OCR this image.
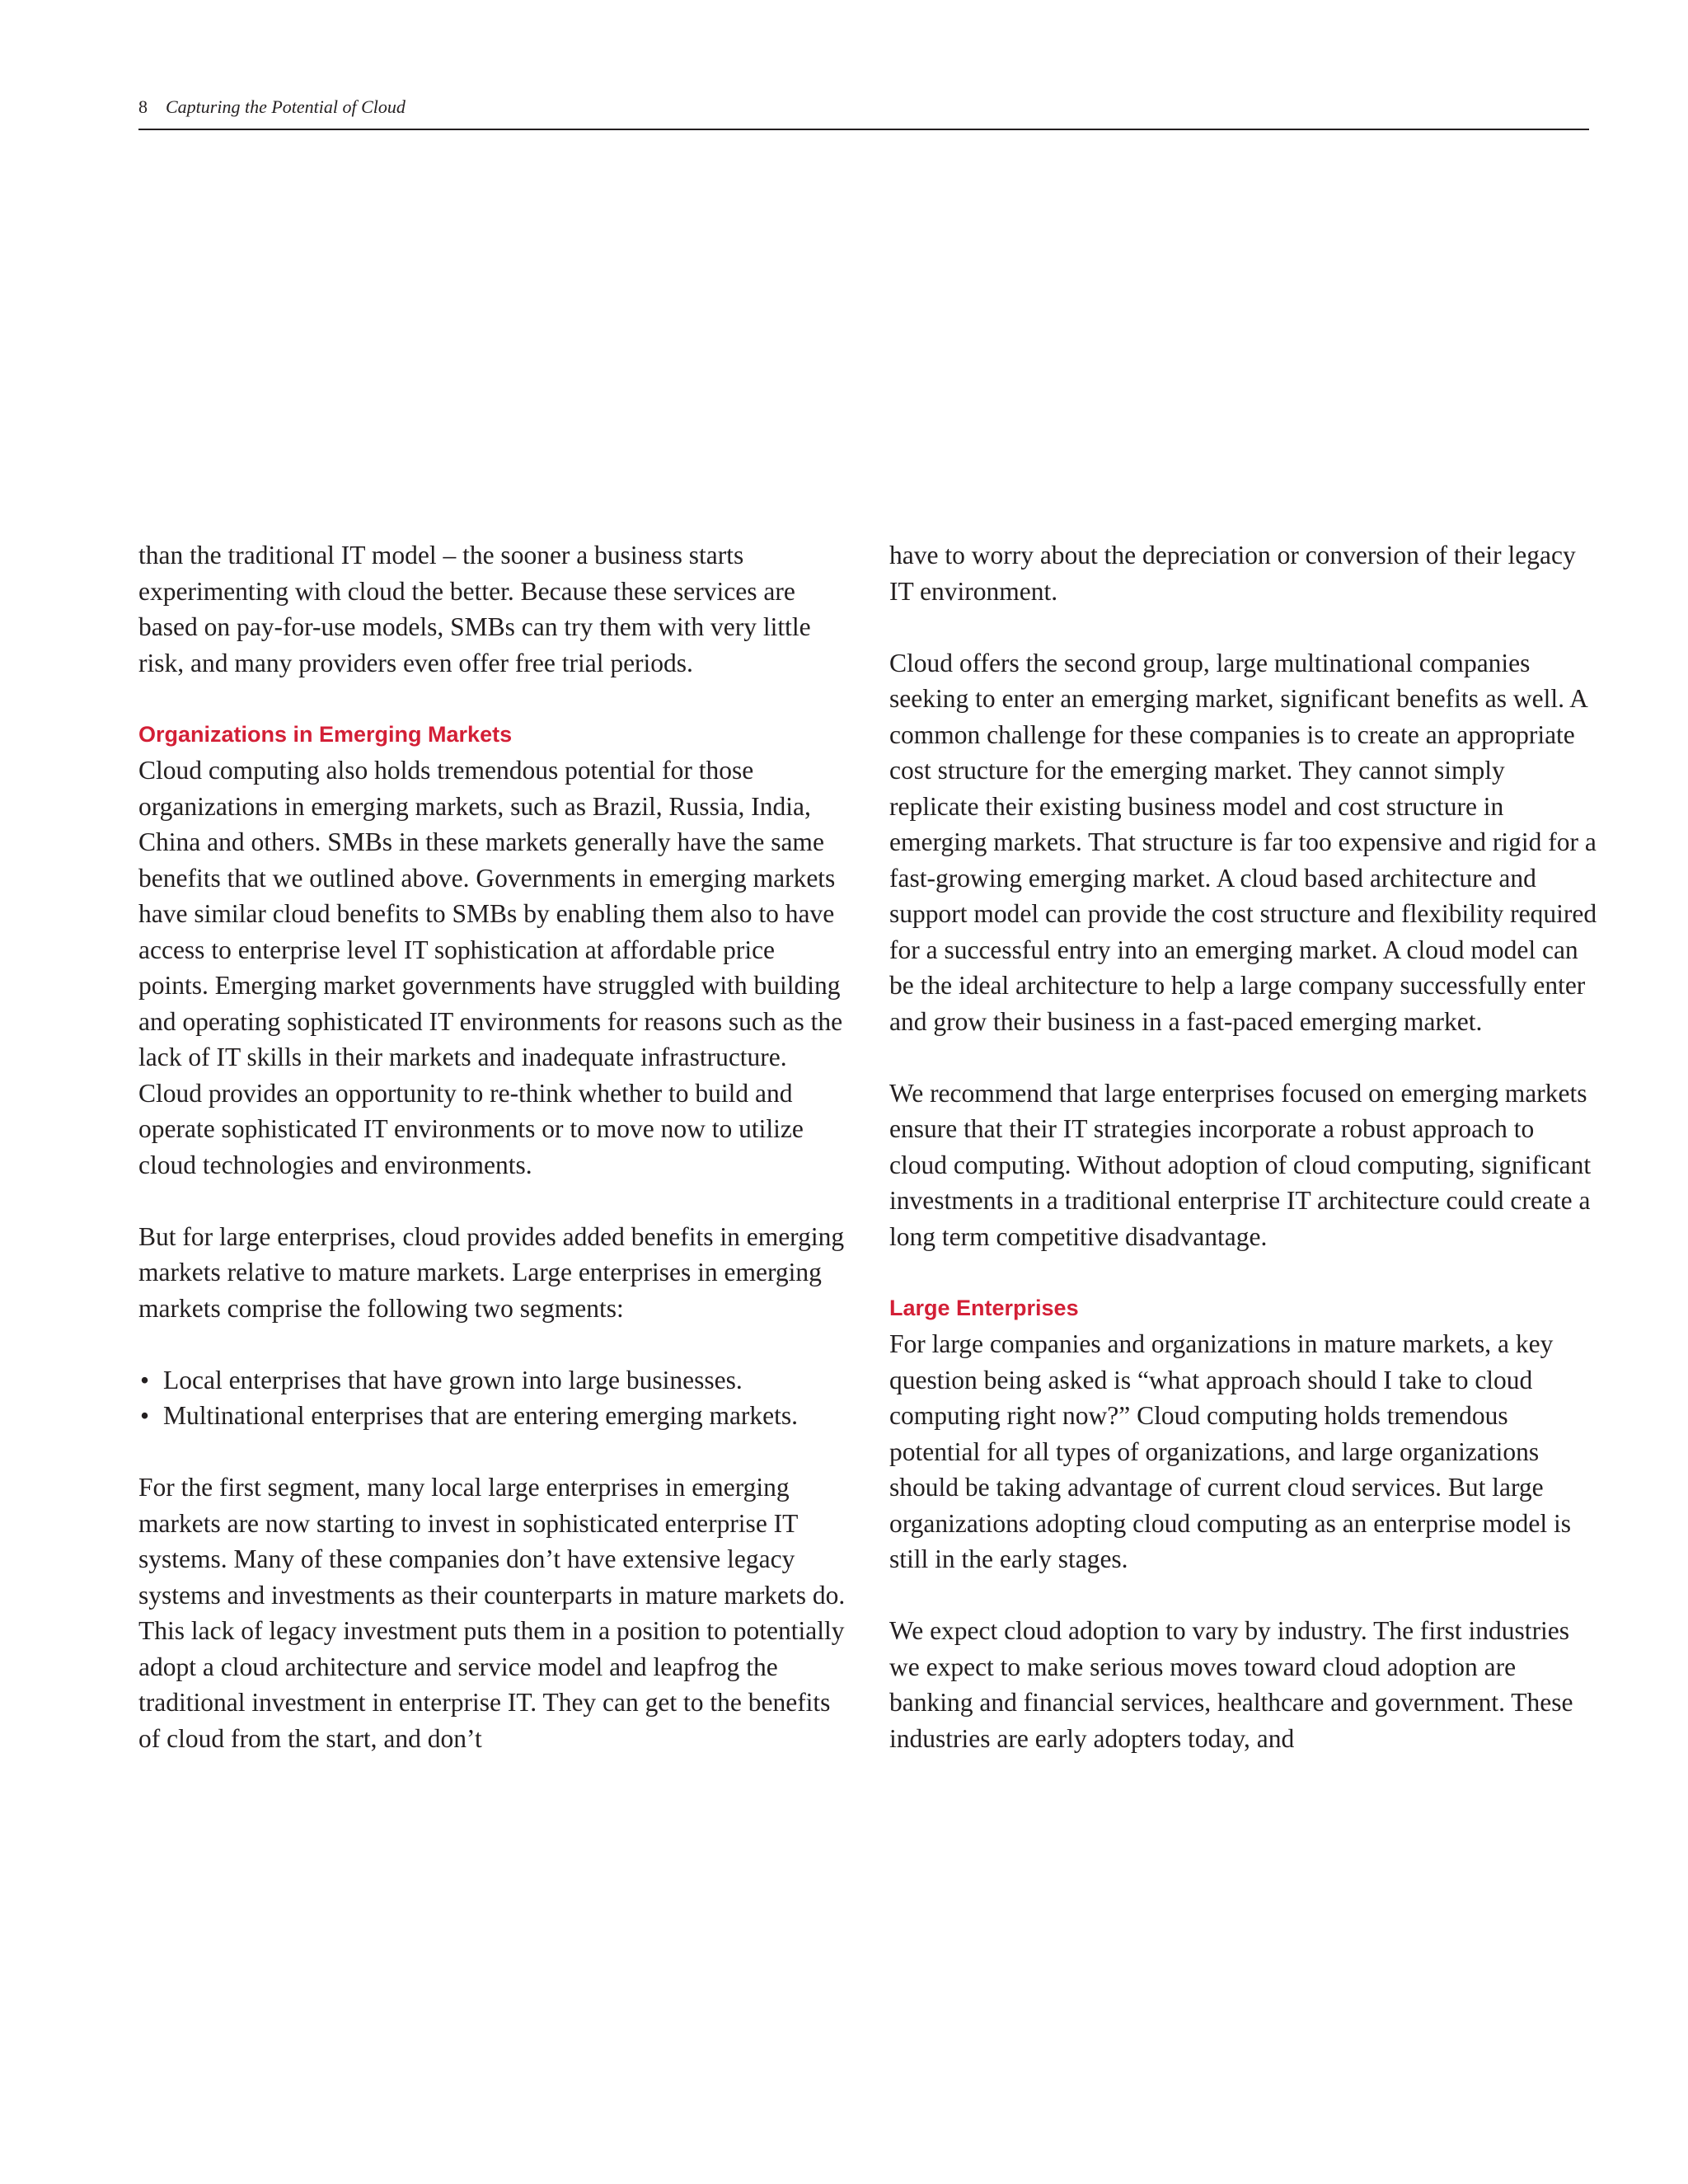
8 Capturing the Potential of Cloud

than the traditional IT model – the sooner a business starts experimenting with cloud the better. Because these services are based on pay-for-use models, SMBs can try them with very little risk, and many providers even offer free trial periods.

Organizations in Emerging Markets

Cloud computing also holds tremendous potential for those organizations in emerging markets, such as Brazil, Russia, India, China and others. SMBs in these markets generally have the same benefits that we outlined above. Governments in emerging markets have similar cloud benefits to SMBs by enabling them also to have access to enterprise level IT sophistication at affordable price points. Emerging market governments have struggled with building and operating sophisticated IT environments for reasons such as the lack of IT skills in their markets and inadequate infrastructure. Cloud provides an opportunity to re-think whether to build and operate sophisticated IT environments or to move now to utilize cloud technologies and environments.

But for large enterprises, cloud provides added benefits in emerging markets relative to mature markets. Large enterprises in emerging markets comprise the following two segments:

• Local enterprises that have grown into large businesses.
• Multinational enterprises that are entering emerging markets.

For the first segment, many local large enterprises in emerging markets are now starting to invest in sophisticated enterprise IT systems. Many of these companies don’t have extensive legacy systems and investments as their counterparts in mature markets do. This lack of legacy investment puts them in a position to potentially adopt a cloud architecture and service model and leapfrog the traditional investment in enterprise IT. They can get to the benefits of cloud from the start, and don’t

have to worry about the depreciation or conversion of their legacy IT environment.

Cloud offers the second group, large multinational companies seeking to enter an emerging market, significant benefits as well. A common challenge for these companies is to create an appropriate cost structure for the emerging market. They cannot simply replicate their existing business model and cost structure in emerging markets. That structure is far too expensive and rigid for a fast-growing emerging market. A cloud based architecture and support model can provide the cost structure and flexibility required for a successful entry into an emerging market. A cloud model can be the ideal architecture to help a large company successfully enter and grow their business in a fast-paced emerging market.

We recommend that large enterprises focused on emerging markets ensure that their IT strategies incorporate a robust approach to cloud computing. Without adoption of cloud computing, significant investments in a traditional enterprise IT architecture could create a long term competitive disadvantage.

Large Enterprises

For large companies and organizations in mature markets, a key question being asked is “what approach should I take to cloud computing right now?” Cloud computing holds tremendous potential for all types of organizations, and large organizations should be taking advantage of current cloud services. But large organizations adopting cloud computing as an enterprise model is still in the early stages.

We expect cloud adoption to vary by industry. The first industries we expect to make serious moves toward cloud adoption are banking and financial services, healthcare and government. These industries are early adopters today, and
